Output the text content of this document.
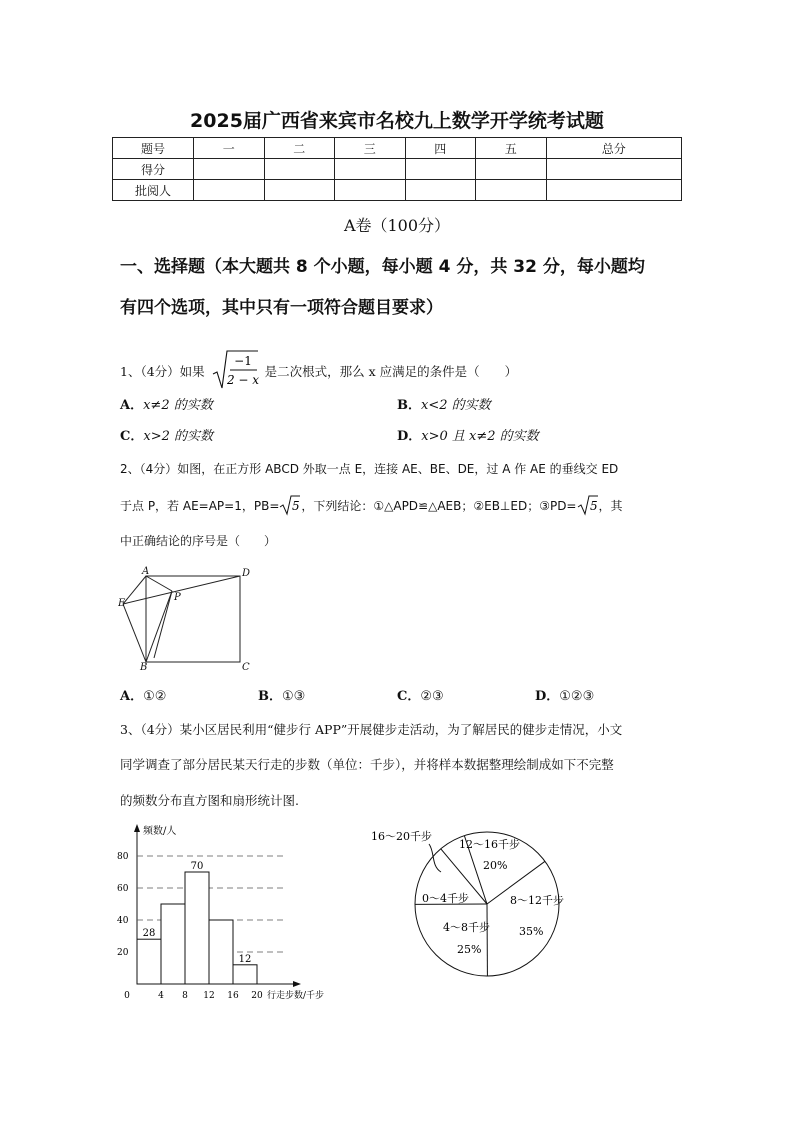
2025届广西省来宾市名校九上数学开学统考试题
题号	一	二	三	四	五	总分
得分						
批阅人						
A卷（100分）
一、选择题（本大题共 8 个小题，每小题 4 分，共 32 分，每小题均
有四个选项，其中只有一项符合题目要求）
1、（4分）如果
−1
2 − x
是二次根式，那么 x 应满足的条件是（　　）
A．x≠2 的实数	B．x<2 的实数
C．x>2 的实数	D．x>0 且 x≠2 的实数
2、（4分）如图，在正方形 ABCD 外取一点 E，连接 AE、BE、DE，过 A 作 AE 的垂线交 ED
于点 P，若 AE=AP=1，PB= 5 ，下列结论：①△APD≌△AEB；②EB⊥ED；③PD= 5 ，其
中正确结论的序号是（　　）
A	D
E
P
B	C
A．①②	B．①③	C．②③	D．①②③
3、（4分）某小区居民利用“健步行 APP”开展健步走活动，为了解居民的健步走情况，小文
同学调查了部分居民某天行走的步数（单位：千步），并将样本数据整理绘制成如下不完整
的频数分布直方图和扇形统计图.
频数/人
行走步数/千步
20
40
60
80
28
70
12
0	4 8 12 16 20
16～20千步
12～16千步
20%
8～12千步
35%
4～8千步
25%
0～4千步
